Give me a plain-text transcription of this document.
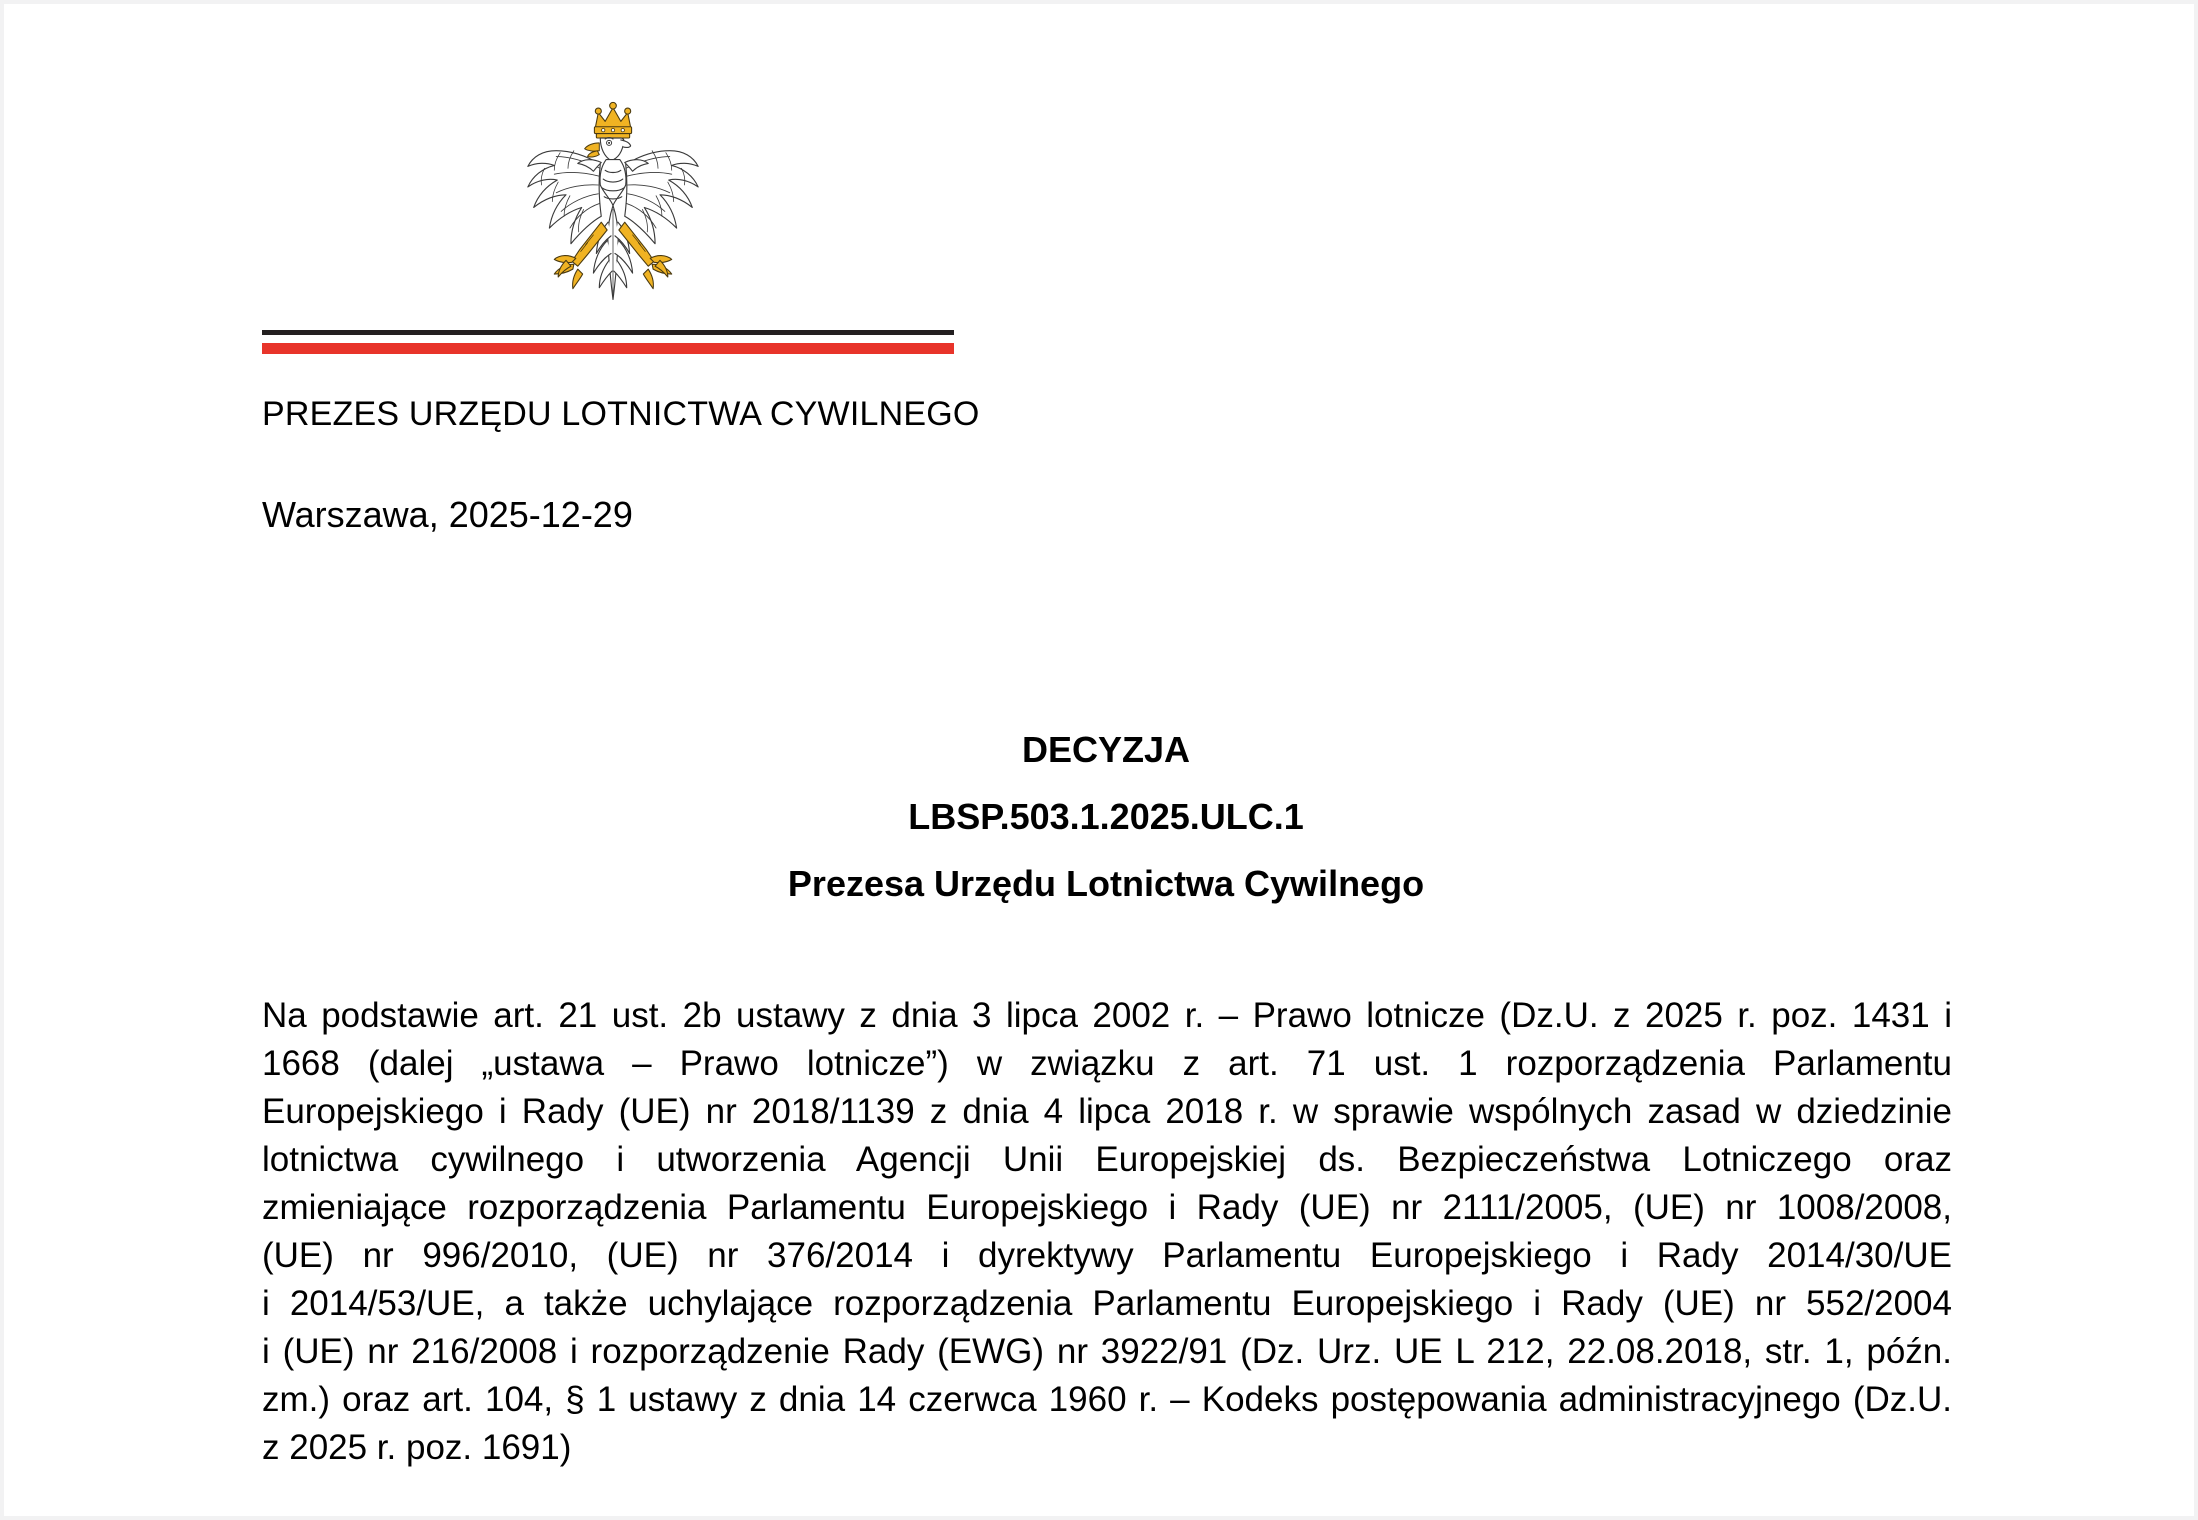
PREZES URZĘDU LOTNICTWA CYWILNEGO
Warszawa, 2025-12-29
DECYZJA
LBSP.503.1.2025.ULC.1
Prezesa Urzędu Lotnictwa Cywilnego
Na podstawie art. 21 ust. 2b ustawy z dnia 3 lipca 2002 r. – Prawo lotnicze (Dz.U. z 2025 r. poz. 1431 i
1668 (dalej „ustawa – Prawo lotnicze”) w związku z art. 71 ust. 1 rozporządzenia Parlamentu
Europejskiego i Rady (UE) nr 2018/1139 z dnia 4 lipca 2018 r. w sprawie wspólnych zasad w dziedzinie
lotnictwa cywilnego i utworzenia Agencji Unii Europejskiej ds. Bezpieczeństwa Lotniczego oraz
zmieniające rozporządzenia Parlamentu Europejskiego i Rady (UE) nr 2111/2005, (UE) nr 1008/2008,
(UE) nr 996/2010, (UE) nr 376/2014 i dyrektywy Parlamentu Europejskiego i Rady 2014/30/UE
i 2014/53/UE, a także uchylające rozporządzenia Parlamentu Europejskiego i Rady (UE) nr 552/2004
i (UE) nr 216/2008 i rozporządzenie Rady (EWG) nr 3922/91 (Dz. Urz. UE L 212, 22.08.2018, str. 1, późn.
zm.) oraz art. 104, § 1 ustawy z dnia 14 czerwca 1960 r. – Kodeks postępowania administracyjnego (Dz.U.
z 2025 r. poz. 1691)
